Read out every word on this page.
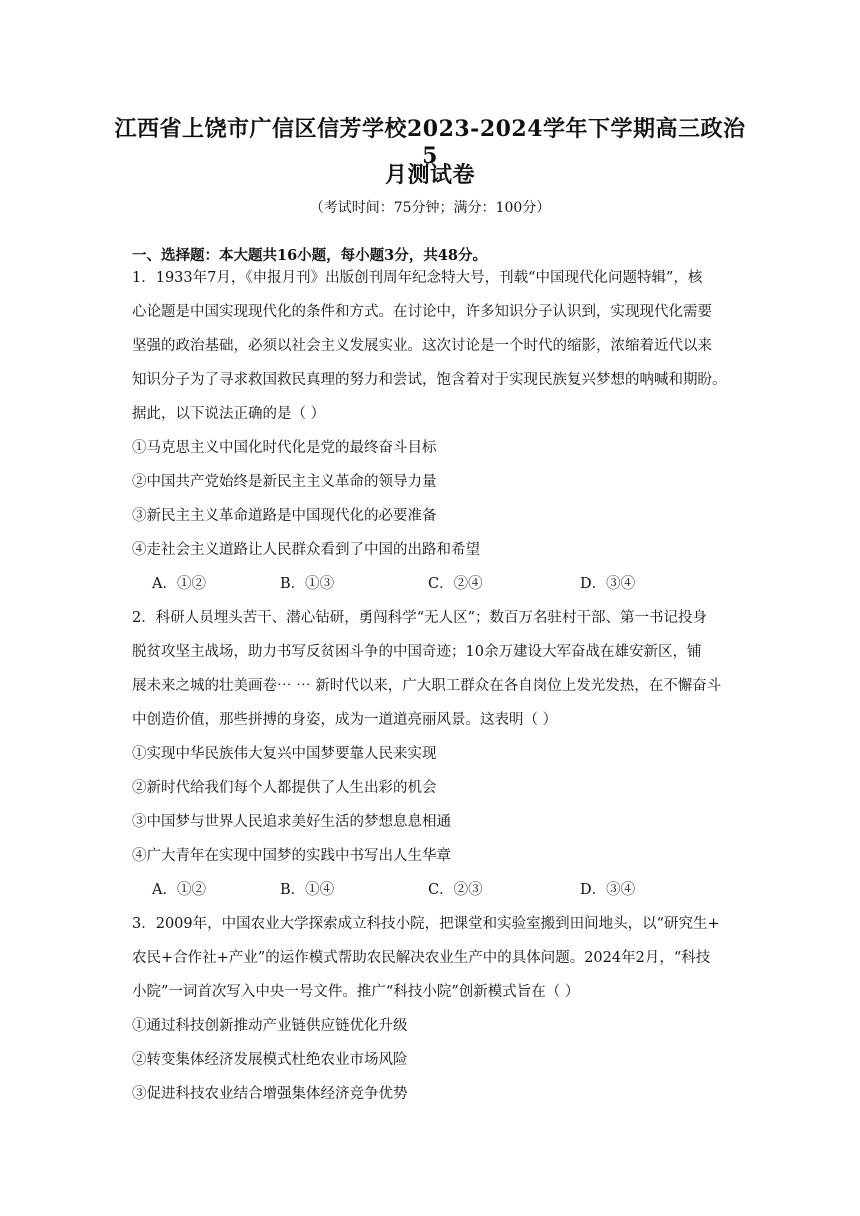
江西省上饶市广信区信芳学校2023-2024学年下学期高三政治5
月测试卷
（考试时间：75分钟；满分：100分）
一、选择题：本大题共16小题，每小题3分，共48分。
1．1933年7月，《申报月刊》出版创刊周年纪念特大号，刊载“中国现代化问题特辑”，核
心论题是中国实现现代化的条件和方式。在讨论中，许多知识分子认识到，实现现代化需要
坚强的政治基础，必须以社会主义发展实业。这次讨论是一个时代的缩影，浓缩着近代以来
知识分子为了寻求救国救民真理的努力和尝试，饱含着对于实现民族复兴梦想的呐喊和期盼。
据此，以下说法正确的是（ ）
①马克思主义中国化时代化是党的最终奋斗目标
②中国共产党始终是新民主主义革命的领导力量
③新民主主义革命道路是中国现代化的必要准备
④走社会主义道路让人民群众看到了中国的出路和希望
A．①②	B．①③	C．②④	D．③④
2．科研人员埋头苦干、潜心钻研，勇闯科学“无人区”；数百万名驻村干部、第一书记投身
脱贫攻坚主战场，助力书写反贫困斗争的中国奇迹；10余万建设大军奋战在雄安新区，铺
展未来之城的壮美画卷⋯ ⋯ 新时代以来，广大职工群众在各自岗位上发光发热，在不懈奋斗
中创造价值，那些拼搏的身姿，成为一道道亮丽风景。这表明（ ）
①实现中华民族伟大复兴中国梦要靠人民来实现
②新时代给我们每个人都提供了人生出彩的机会
③中国梦与世界人民追求美好生活的梦想息息相通
④广大青年在实现中国梦的实践中书写出人生华章
A．①②	B．①④	C．②③	D．③④
3．2009年，中国农业大学探索成立科技小院，把课堂和实验室搬到田间地头，以“研究生+
农民+合作社+产业”的运作模式帮助农民解决农业生产中的具体问题。2024年2月，“科技
小院”一词首次写入中央一号文件。推广“科技小院”创新模式旨在（ ）
①通过科技创新推动产业链供应链优化升级
②转变集体经济发展模式杜绝农业市场风险
③促进科技农业结合增强集体经济竞争优势
